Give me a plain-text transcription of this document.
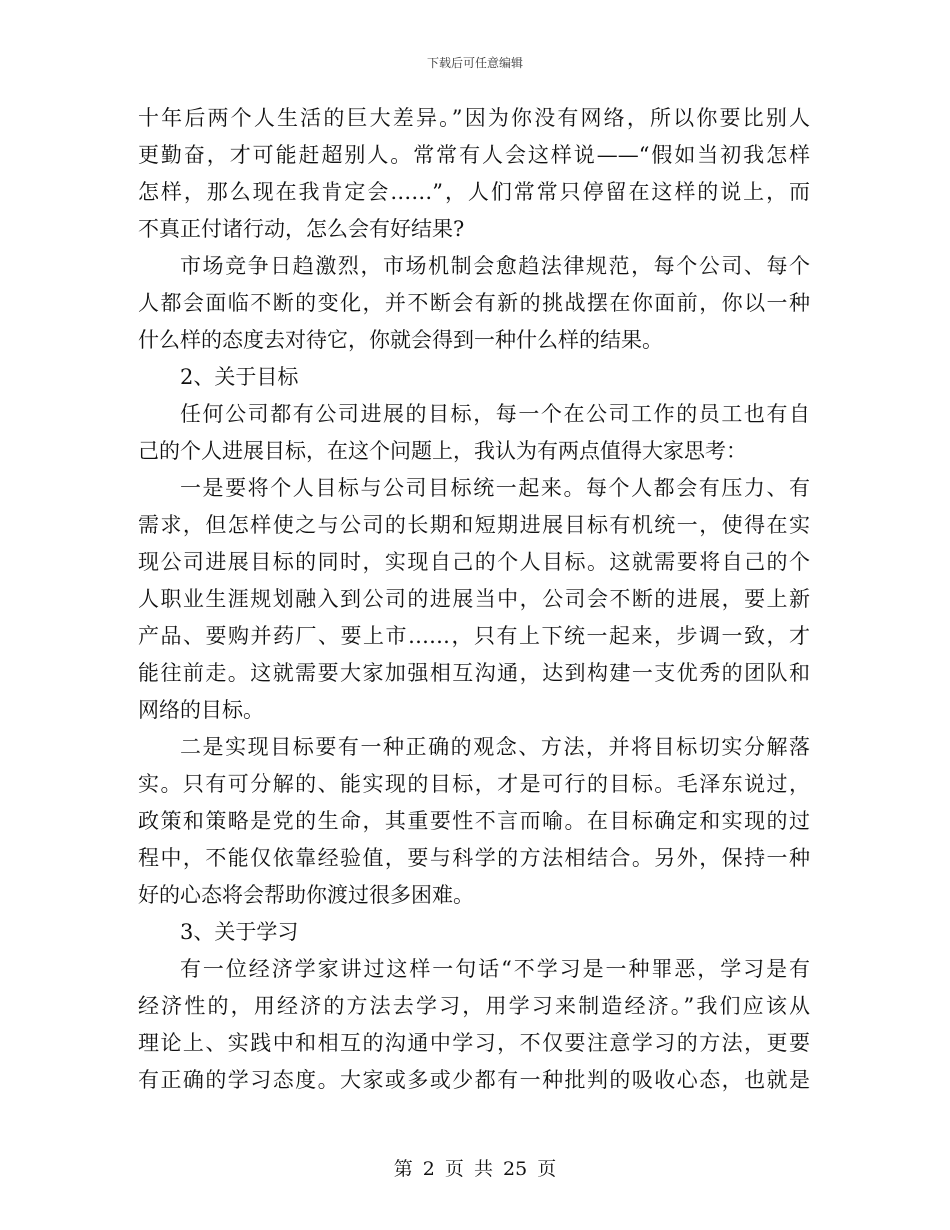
下载后可任意编辑
十年后两个人生活的巨大差异。”因为你没有网络，所以你要比别人
更勤奋，才可能赶超别人。常常有人会这样说——“假如当初我怎样
怎样，那么现在我肯定会……”，人们常常只停留在这样的说上，而
不真正付诸行动，怎么会有好结果?
市场竞争日趋激烈，市场机制会愈趋法律规范，每个公司、每个
人都会面临不断的变化，并不断会有新的挑战摆在你面前，你以一种
什么样的态度去对待它，你就会得到一种什么样的结果。
2、关于目标
任何公司都有公司进展的目标，每一个在公司工作的员工也有自
己的个人进展目标，在这个问题上，我认为有两点值得大家思考：
一是要将个人目标与公司目标统一起来。每个人都会有压力、有
需求，但怎样使之与公司的长期和短期进展目标有机统一，使得在实
现公司进展目标的同时，实现自己的个人目标。这就需要将自己的个
人职业生涯规划融入到公司的进展当中，公司会不断的进展，要上新
产品、要购并药厂、要上市……，只有上下统一起来，步调一致，才
能往前走。这就需要大家加强相互沟通，达到构建一支优秀的团队和
网络的目标。
二是实现目标要有一种正确的观念、方法，并将目标切实分解落
实。只有可分解的、能实现的目标，才是可行的目标。毛泽东说过，
政策和策略是党的生命，其重要性不言而喻。在目标确定和实现的过
程中，不能仅依靠经验值，要与科学的方法相结合。另外，保持一种
好的心态将会帮助你渡过很多困难。
3、关于学习
有一位经济学家讲过这样一句话“不学习是一种罪恶，学习是有
经济性的，用经济的方法去学习，用学习来制造经济。”我们应该从
理论上、实践中和相互的沟通中学习，不仅要注意学习的方法，更要
有正确的学习态度。大家或多或少都有一种批判的吸收心态，也就是
第 2 页 共 25 页
